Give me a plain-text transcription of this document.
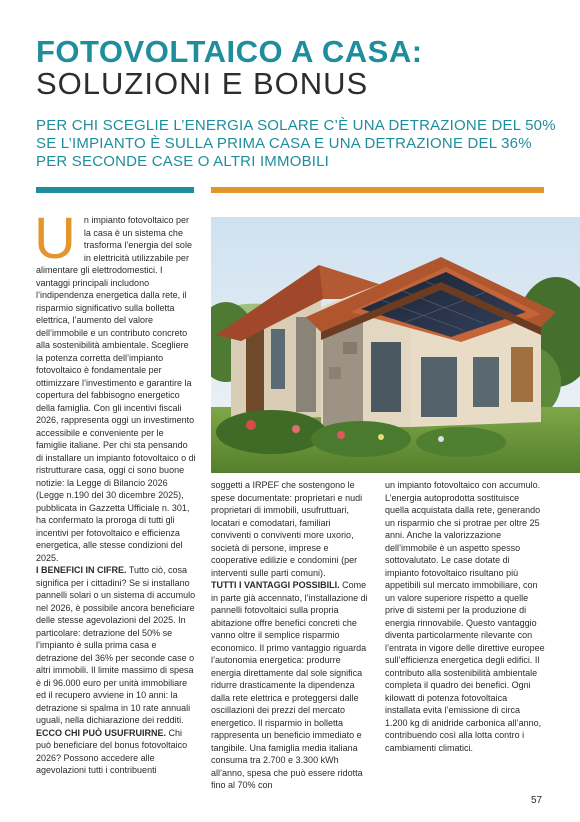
FOTOVOLTAICO A CASA:
SOLUZIONI E BONUS
PER CHI SCEGLIE L’ENERGIA SOLARE C’È UNA DETRAZIONE DEL 50% SE L’IMPIANTO È SULLA PRIMA CASA E UNA DETRAZIONE DEL 36% PER SECONDE CASE O ALTRI IMMOBILI

Un impianto fotovoltaico per la casa è un sistema che trasforma l’energia del sole in elettricità utilizzabile per alimentare gli elettrodomestici. I vantaggi principali includono l’indipendenza energetica dalla rete, il risparmio significativo sulla bolletta elettrica, l’aumento del valore dell’immobile e un contributo concreto alla sostenibilità ambientale. Scegliere la potenza corretta dell’impianto fotovoltaico è fondamentale per ottimizzare l’investimento e garantire la copertura del fabbisogno energetico della famiglia. Con gli incentivi fiscali 2026, rappresenta oggi un investimento accessibile e conveniente per le famiglie italiane. Per chi sta pensando di installare un impianto fotovoltaico o di ristrutturare casa, oggi ci sono buone notizie: la Legge di Bilancio 2026 (Legge n.190 del 30 dicembre 2025), pubblicata in Gazzetta Ufficiale n. 301, ha confermato la proroga di tutti gli incentivi per fotovoltaico e efficienza energetica, alle stesse condizioni del 2025.

I BENEFICI IN CIFRE. Tutto ciò, cosa significa per i cittadini? Se si installano pannelli solari o un sistema di accumulo nel 2026, è possibile ancora beneficiare delle stesse agevolazioni del 2025. In particolare: detrazione del 50% se l’impianto è sulla prima casa e detrazione del 36% per seconde case o altri immobili. Il limite massimo di spesa è di 96.000 euro per unità immobiliare ed il recupero avviene in 10 anni: la detrazione si spalma in 10 rate annuali uguali, nella dichiarazione dei redditi.

ECCO CHI PUÒ USUFRUIRNE. Chi può beneficiare del bonus fotovoltaico 2026? Possono accedere alle agevolazioni tutti i contribuenti

soggetti a IRPEF che sostengono le spese documentate: proprietari e nudi proprietari di immobili, usufruttuari, locatari e comodatari, familiari conviventi o conviventi more uxorio, società di persone, imprese e cooperative edilizie e condomini (per interventi sulle parti comuni).

TUTTI I VANTAGGI POSSIBILI. Come in parte già accennato, l’installazione di pannelli fotovoltaici sulla propria abitazione offre benefici concreti che vanno oltre il semplice risparmio economico. Il primo vantaggio riguarda l’autonomia energetica: produrre energia direttamente dal sole significa ridurre drasticamente la dipendenza dalla rete elettrica e proteggersi dalle oscillazioni dei prezzi del mercato energetico. Il risparmio in bolletta rappresenta un beneficio immediato e tangibile. Una famiglia media italiana consuma tra 2.700 e 3.300 kWh all’anno, spesa che può essere ridotta fino al 70% con

un impianto fotovoltaico con accumulo. L’energia autoprodotta sostituisce quella acquistata dalla rete, generando un risparmio che si protrae per oltre 25 anni. Anche la valorizzazione dell’immobile è un aspetto spesso sottovalutato. Le case dotate di impianto fotovoltaico risultano più appetibili sul mercato immobiliare, con un valore superiore rispetto a quelle prive di sistemi per la produzione di energia rinnovabile. Questo vantaggio diventa particolarmente rilevante con l’entrata in vigore delle direttive europee sull’efficienza energetica degli edifici. Il contributo alla sostenibilità ambientale completa il quadro dei benefici. Ogni kilowatt di potenza fotovoltaica installata evita l’emissione di circa 1.200 kg di anidride carbonica all’anno, contribuendo così alla lotta contro i cambiamenti climatici.

57
